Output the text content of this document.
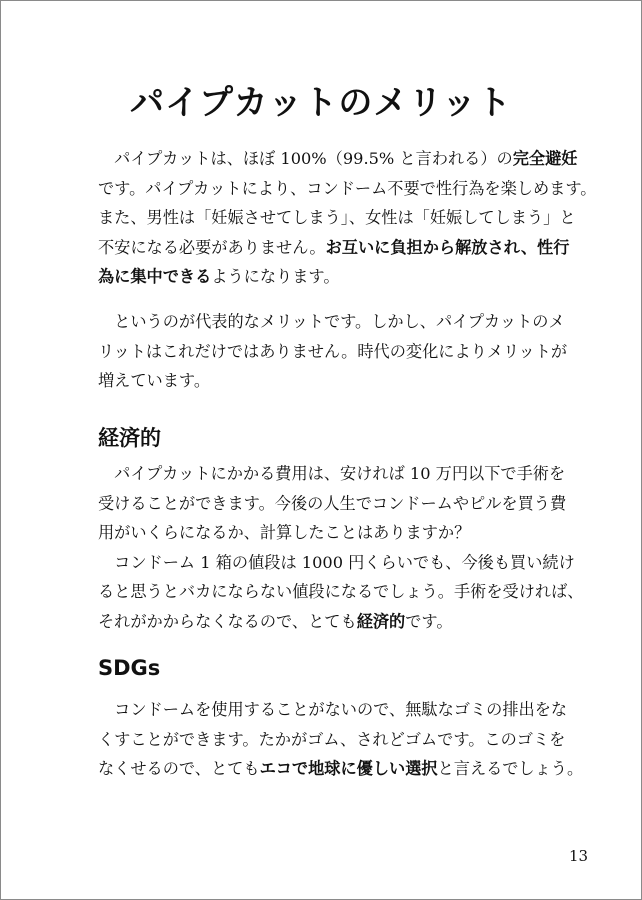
パイプカットのメリット
　パイプカットは、ほぼ 100%（99.5% と言われる）の完全避妊
です。パイプカットにより、コンドーム不要で性行為を楽しめます。
また、男性は「妊娠させてしまう」、女性は「妊娠してしまう」と
不安になる必要がありません。お互いに負担から解放され、性行
為に集中できるようになります。
　というのが代表的なメリットです。しかし、パイプカットのメ
リットはこれだけではありません。時代の変化によりメリットが
増えています。
経済的
　パイプカットにかかる費用は、安ければ 10 万円以下で手術を
受けることができます。今後の人生でコンドームやピルを買う費
用がいくらになるか、計算したことはありますか？
　コンドーム 1 箱の値段は 1000 円くらいでも、今後も買い続け
ると思うとバカにならない値段になるでしょう。手術を受ければ、
それがかからなくなるので、とても経済的です。
SDGs
　コンドームを使用することがないので、無駄なゴミの排出をな
くすことができます。たかがゴム、されどゴムです。このゴミを
なくせるので、とてもエコで地球に優しい選択と言えるでしょう。
13
